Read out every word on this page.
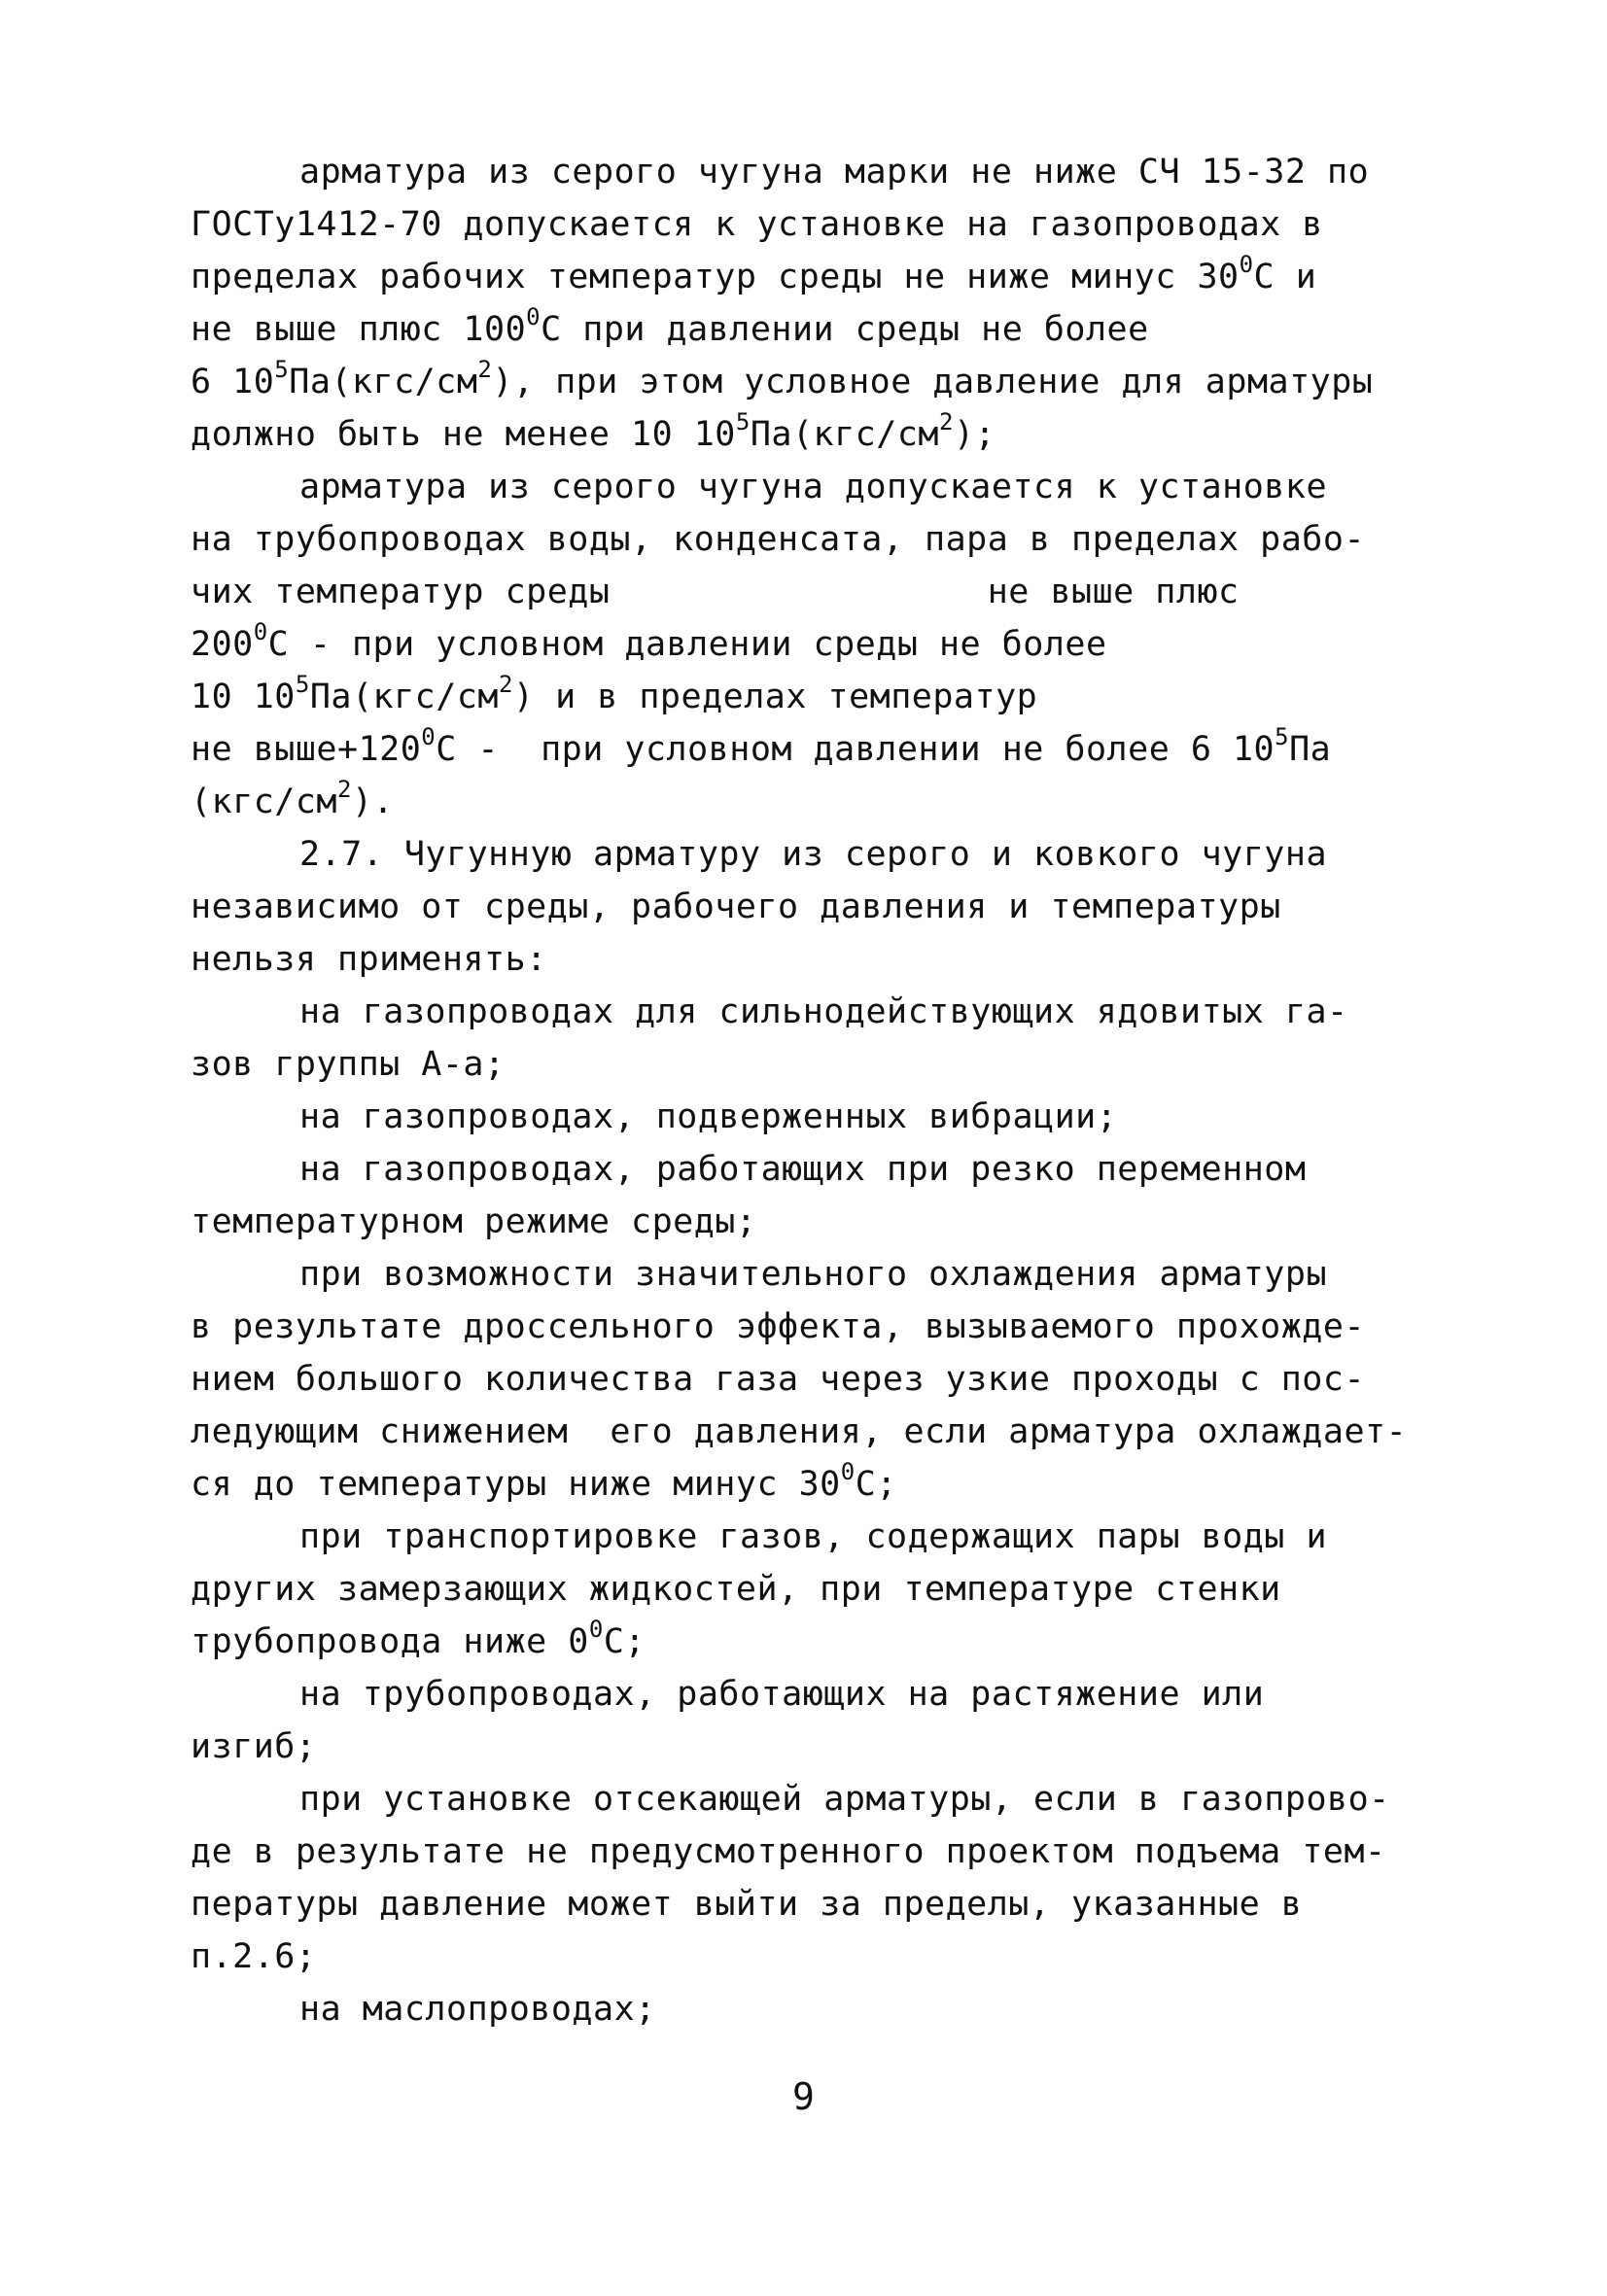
арматура из серого чугуна марки не ниже СЧ 15-32 по
ГОСТу1412-70 допускается к установке на газопроводах в
пределах рабочих температур среды не ниже минус $30^0С$ и
не выше плюс $100^0С$ при давлении среды не более
6 $10^5Па(кгс/см^2)$, при этом условное давление для арматуры
должно быть не менее 10 $10^5Па(кгс/см^2)$;
арматура из серого чугуна допускается к установке
на трубопроводах воды, конденсата, пара в пределах рабо-
чих температур среды                  не выше плюс
$200^0С$ - при условном давлении среды не более
10 $10^5Па(кгс/см^2)$ и в пределах температур
не $выше+120^0С$ -  при условном давлении не более 6 $10^5Па$
$(кгс/см^2)$.
2.7. Чугунную арматуру из серого и ковкого чугуна
независимо от среды, рабочего давления и температуры
нельзя применять:
на газопроводах для сильнодействующих ядовитых га-
зов группы А-а;
на газопроводах, подверженных вибрации;
на газопроводах, работающих при резко переменном
температурном режиме среды;
при возможности значительного охлаждения арматуры
в результате дроссельного эффекта, вызываемого прохожде-
нием большого количества газа через узкие проходы с пос-
ледующим снижением  его давления, если арматура охлаждает-
ся до температуры ниже минус $30^0С$;
при транспортировке газов, содержащих пары воды и
других замерзающих жидкостей, при температуре стенки
трубопровода ниже $0^0С$;
на трубопроводах, работающих на растяжение или
изгиб;
при установке отсекающей арматуры, если в газопрово-
де в результате не предусмотренного проектом подъема тем-
пературы давление может выйти за пределы, указанные в
п.2.6;
на маслопроводах;
9
